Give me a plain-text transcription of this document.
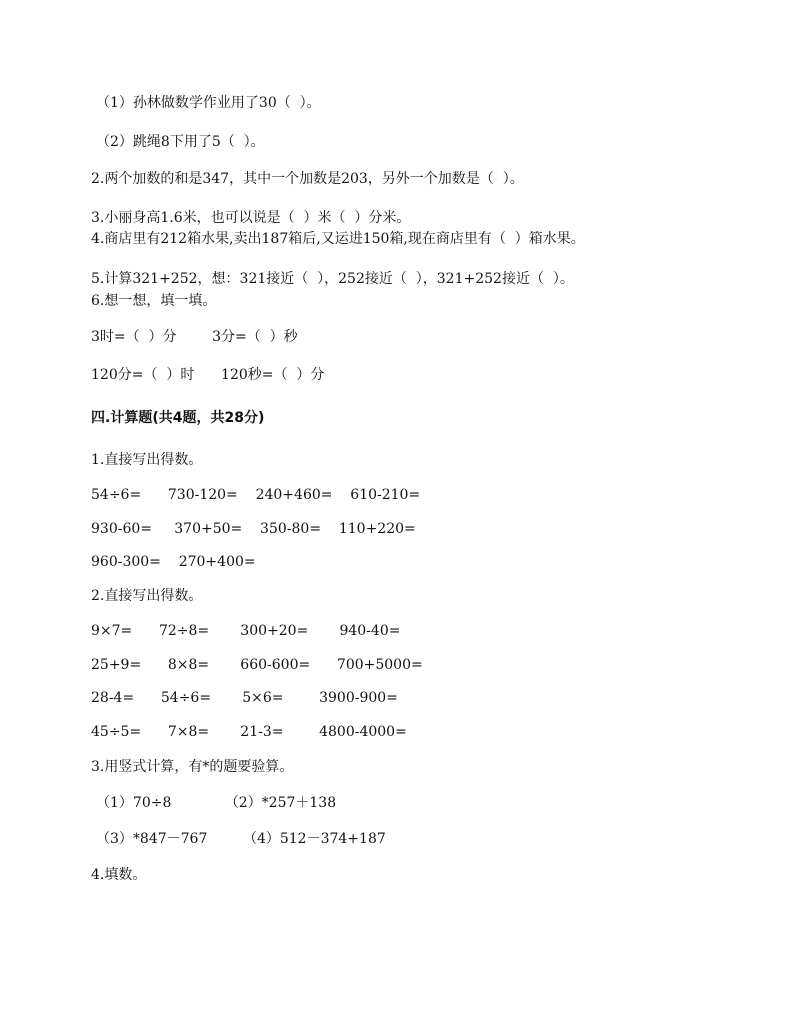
（1）孙林做数学作业用了30（  ）。
（2）跳绳8下用了5（  ）。
2.两个加数的和是347，其中一个加数是203，另外一个加数是（  ）。
3.小丽身高1.6米，也可以说是（  ）米（  ）分米。
4.商店里有212箱水果,卖出187箱后,又运进150箱,现在商店里有（  ）箱水果。
5.计算321+252，想：321接近（  ），252接近（  ），321+252接近（  ）。
6.想一想，填一填。
3时=（  ）分        3分=（  ）秒
120分=（  ）时      120秒=（  ）分
四.计算题(共4题，共28分)
1.直接写出得数。
54÷6=      730-120=    240+460=    610-210=
930-60=     370+50=    350-80=    110+220=
960-300=    270+400=
2.直接写出得数。
9×7=      72÷8=       300+20=       940-40=
25+9=      8×8=       660-600=      700+5000=
28-4=      54÷6=       5×6=        3900-900=
45÷5=      7×8=       21-3=        4800-4000=
3.用竖式计算，有*的题要验算。
（1）70÷8            （2）*257＋138
（3）*847－767        （4）512－374+187
4.填数。
